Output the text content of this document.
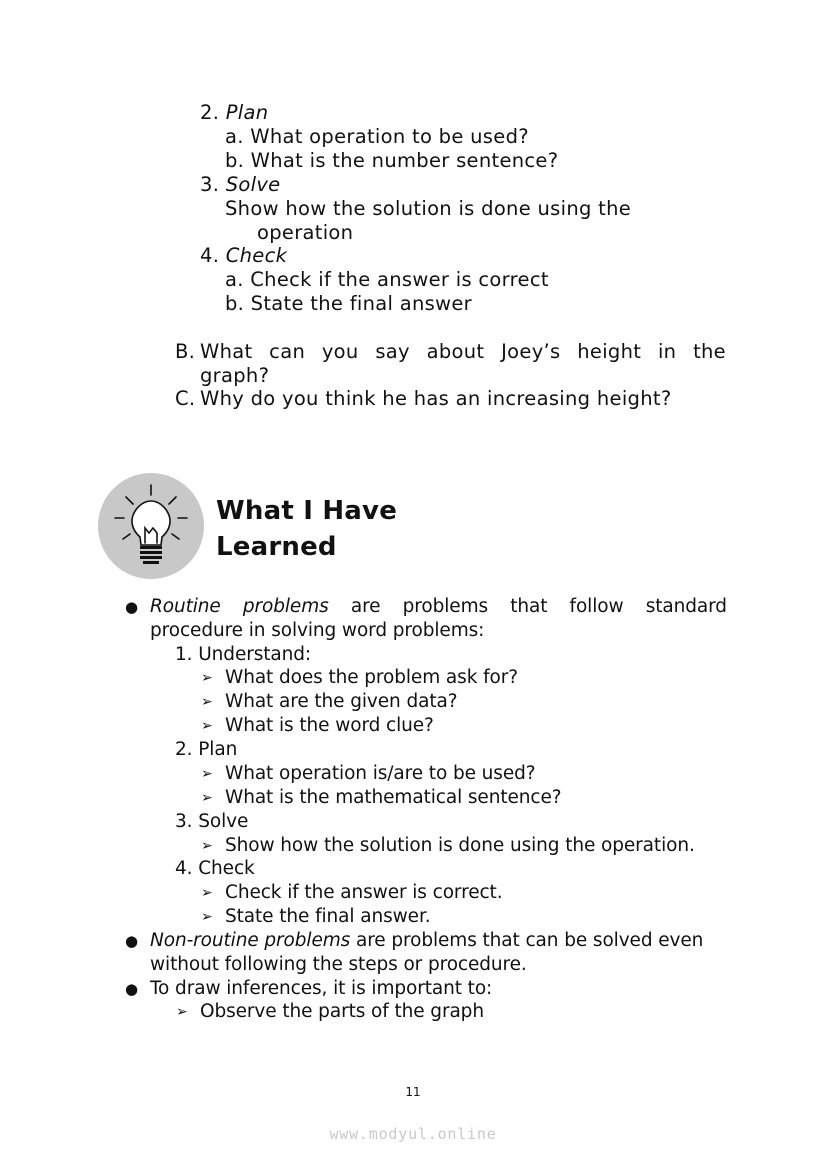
2. Plan
a. What operation to be used?
b. What is the number sentence?
3. Solve
Show how the solution is done using the
operation
4. Check
a. Check if the answer is correct
b. State the final answer
B. What can you say about Joey’s height in the
graph?
C. Why do you think he has an increasing height?
What I Have
Learned
● Routine problems are problems that follow standard
procedure in solving word problems:
1. Understand:
➢ What does the problem ask for?
➢ What are the given data?
➢ What is the word clue?
2. Plan
➢ What operation is/are to be used?
➢ What is the mathematical sentence?
3. Solve
➢ Show how the solution is done using the operation.
4. Check
➢ Check if the answer is correct.
➢ State the final answer.
● Non-routine problems are problems that can be solved even
without following the steps or procedure.
● To draw inferences, it is important to:
➢ Observe the parts of the graph
11
www.modyul.online
